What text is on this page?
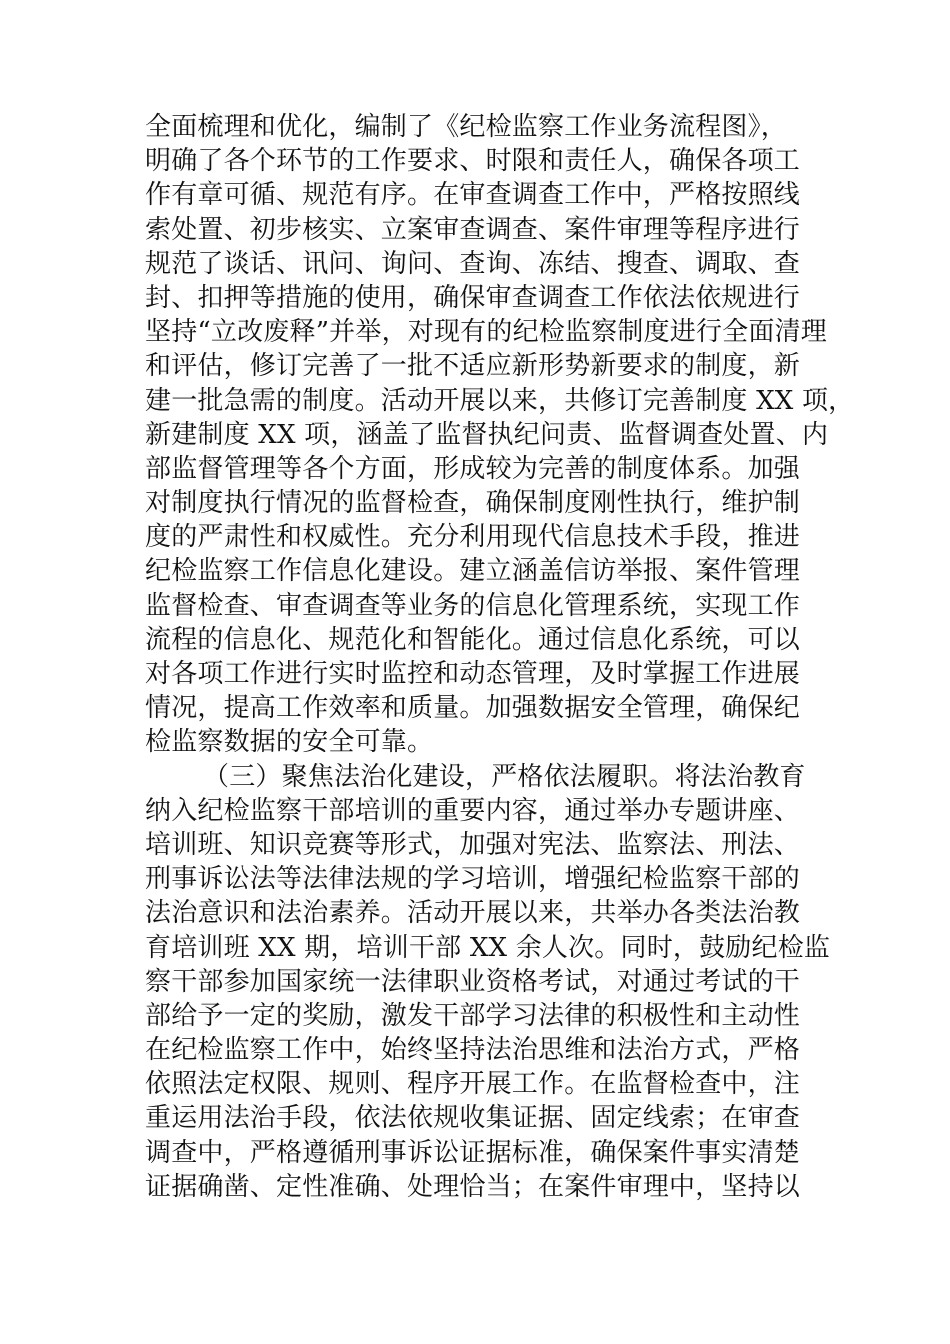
全面梳理和优化，编制了《纪检监察工作业务流程图》，
明确了各个环节的工作要求、时限和责任人，确保各项工
作有章可循、规范有序。在审查调查工作中，严格按照线
索处置、初步核实、立案审查调查、案件审理等程序进行
规范了谈话、讯问、询问、查询、冻结、搜查、调取、查
封、扣押等措施的使用，确保审查调查工作依法依规进行
坚持“立改废释”并举，对现有的纪检监察制度进行全面清理
和评估，修订完善了一批不适应新形势新要求的制度，新
建一批急需的制度。活动开展以来，共修订完善制度 XX 项，
新建制度 XX 项，涵盖了监督执纪问责、监督调查处置、内
部监督管理等各个方面，形成较为完善的制度体系。加强
对制度执行情况的监督检查，确保制度刚性执行，维护制
度的严肃性和权威性。充分利用现代信息技术手段，推进
纪检监察工作信息化建设。建立涵盖信访举报、案件管理
监督检查、审查调查等业务的信息化管理系统，实现工作
流程的信息化、规范化和智能化。通过信息化系统，可以
对各项工作进行实时监控和动态管理，及时掌握工作进展
情况，提高工作效率和质量。加强数据安全管理，确保纪
检监察数据的安全可靠。
（三）聚焦法治化建设，严格依法履职。将法治教育
纳入纪检监察干部培训的重要内容，通过举办专题讲座、
培训班、知识竞赛等形式，加强对宪法、监察法、刑法、
刑事诉讼法等法律法规的学习培训，增强纪检监察干部的
法治意识和法治素养。活动开展以来，共举办各类法治教
育培训班 XX 期，培训干部 XX 余人次。同时，鼓励纪检监
察干部参加国家统一法律职业资格考试，对通过考试的干
部给予一定的奖励，激发干部学习法律的积极性和主动性
在纪检监察工作中，始终坚持法治思维和法治方式，严格
依照法定权限、规则、程序开展工作。在监督检查中，注
重运用法治手段，依法依规收集证据、固定线索；在审查
调查中，严格遵循刑事诉讼证据标准，确保案件事实清楚
证据确凿、定性准确、处理恰当；在案件审理中，坚持以
